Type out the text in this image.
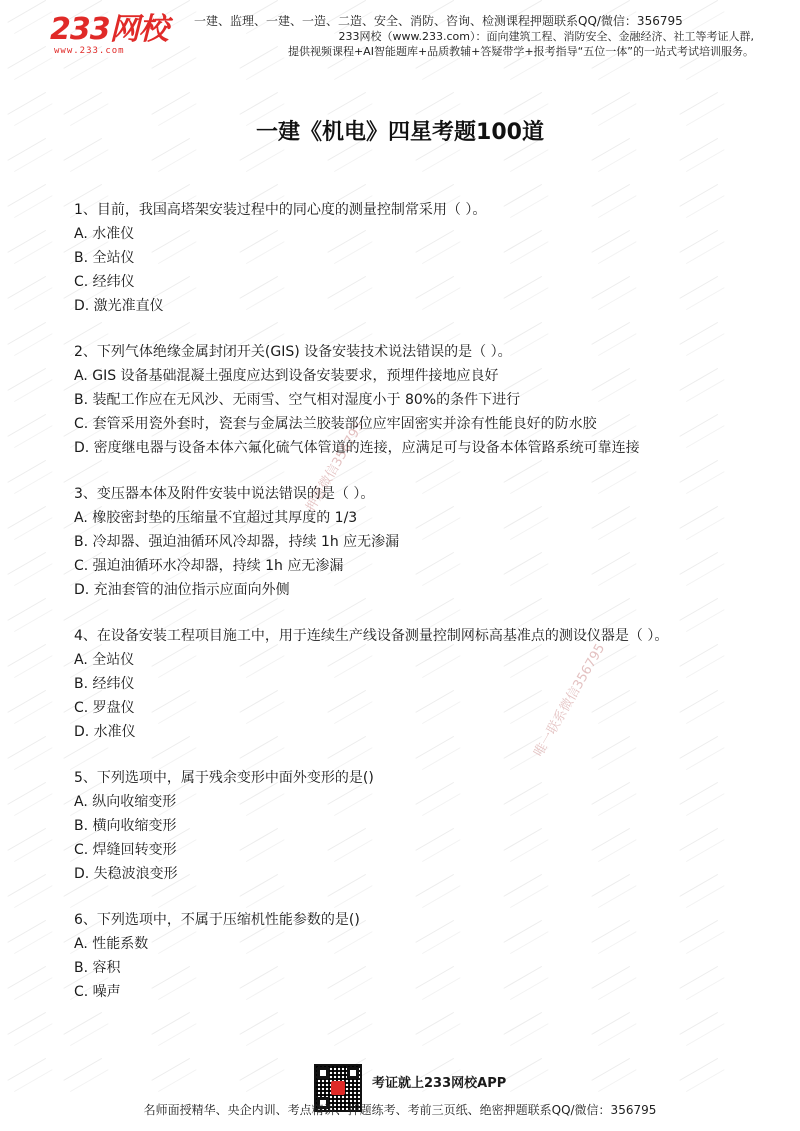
233网校
www.233.com
一建、监理、一建、一造、二造、安全、消防、咨询、检测课程押题联系QQ/微信：356795
233网校（www.233.com）：面向建筑工程、消防安全、金融经济、社工等考证人群,
提供视频课程+AI智能题库+品质教辅+答疑带学+报考指导“五位一体”的一站式考试培训服务。
一建《机电》四星考题100道
押题微信356795
唯一联系微信356795

1、目前，我国高塔架安装过程中的同心度的测量控制常采用（ ）。

A. 水准仪

B. 全站仪

C. 经纬仪

D. 激光准直仪

2、下列气体绝缘金属封闭开关(GIS) 设备安装技术说法错误的是（ ）。

A. GIS 设备基础混凝土强度应达到设备安装要求，预埋件接地应良好

B. 装配工作应在无风沙、无雨雪、空气相对湿度小于 80%的条件下进行

C. 套管采用瓷外套时，瓷套与金属法兰胶装部位应牢固密实并涂有性能良好的防水胶

D. 密度继电器与设备本体六氟化硫气体管道的连接，应满足可与设备本体管路系统可靠连接

3、变压器本体及附件安装中说法错误的是（ ）。

A. 橡胶密封垫的压缩量不宜超过其厚度的 1/3

B. 冷却器、强迫油循环风冷却器，持续 1h 应无渗漏

C. 强迫油循环水冷却器，持续 1h 应无渗漏

D. 充油套管的油位指示应面向外侧

4、在设备安装工程项目施工中，用于连续生产线设备测量控制网标高基准点的测设仪器是（ ）。

A. 全站仪

B. 经纬仪

C. 罗盘仪

D. 水准仪

5、下列选项中，属于残余变形中面外变形的是()

A. 纵向收缩变形

B. 横向收缩变形

C. 焊缝回转变形

D. 失稳波浪变形

6、下列选项中，不属于压缩机性能参数的是()

A. 性能系数

B. 容积

C. 噪声

考证就上233网校APP
名师面授精华、央企内训、考点精讲、押题练考、考前三页纸、绝密押题联系QQ/微信：356795
